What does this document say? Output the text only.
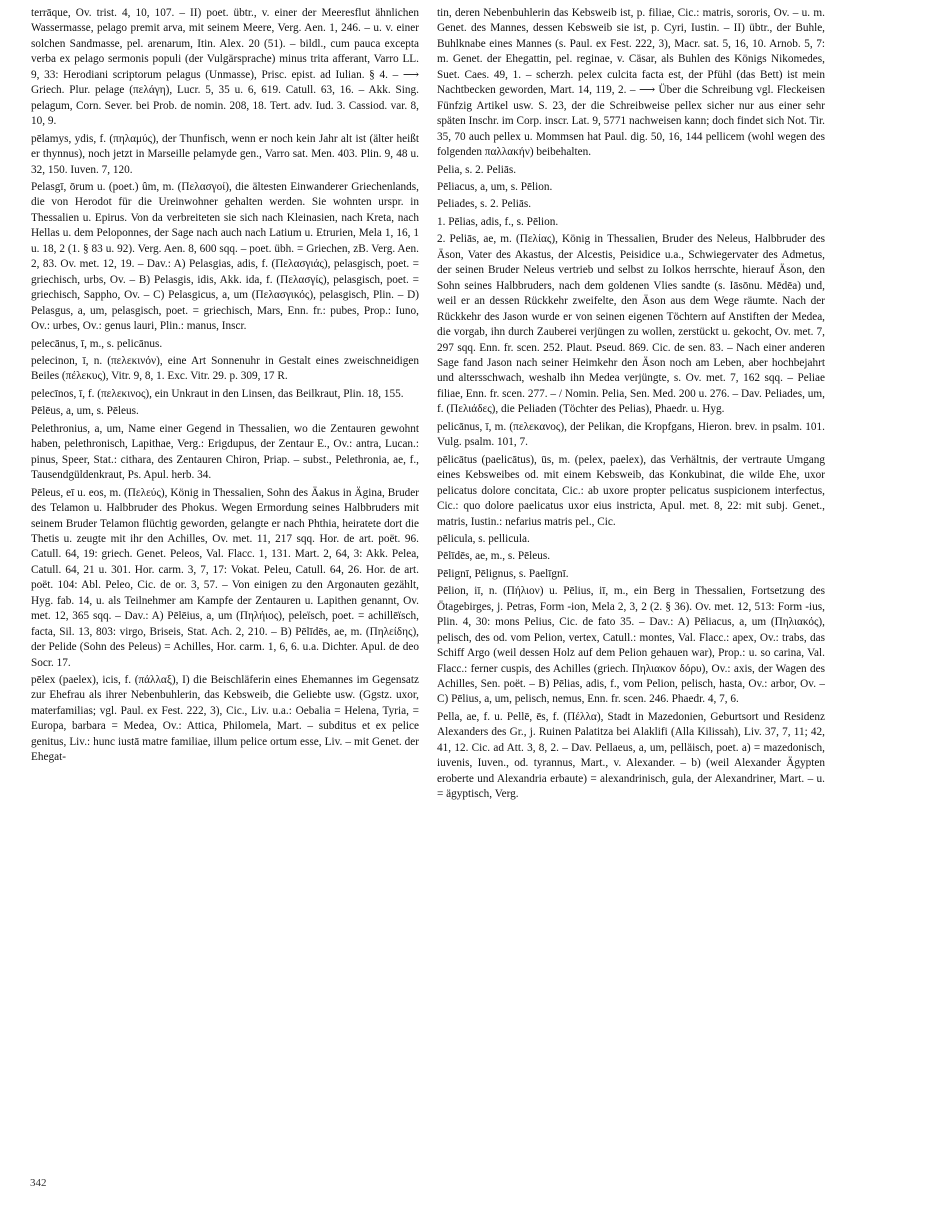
terrāque, Ov. trist. 4, 10, 107. – II) poet. übtr., v. einer der Meeresflut ähnlichen Wassermasse, pelago premit arva, mit seinem Meere, Verg. Aen. 1, 246. – u. v. einer solchen Sandmasse, pel. arenarum, Itin. Alex. 20 (51). – bildl., cum pauca excepta verba ex pelago sermonis populi (der Vulgärsprache) minus trita afferant, Varro LL. 9, 33: Herodiani scriptorum pelagus (Unmasse), Prisc. epist. ad Iulian. § 4. – ⟶ Griech. Plur. pelage (πελάγη), Lucr. 5, 35 u. 6, 619. Catull. 63, 16. – Akk. Sing. pelagum, Corn. Sever. bei Prob. de nomin. 208, 18. Tert. adv. Iud. 3. Cassiod. var. 8, 10, 9.

pēlamys, ydis, f. (πηλαμύς), der Thunfisch, wenn er noch kein Jahr alt ist (älter heißt er thynnus), noch jetzt in Marseille pelamyde gen., Varro sat. Men. 403. Plin. 9, 48 u. 32, 150. Iuven. 7, 120.

Pelasgī, ōrum u. (poet.) ûm, m. (Πελασγοί), die ältesten Einwanderer Griechenlands, die von Herodot für die Ureinwohner gehalten werden. Sie wohnten urspr. in Thessalien u. Epirus. Von da verbreiteten sie sich nach Kleinasien, nach Kreta, nach Hellas u. dem Peloponnes, der Sage nach auch nach Latium u. Etrurien, Mela 1, 16, 1 u. 18, 2 (1. § 83 u. 92). Verg. Aen. 8, 600 sqq. – poet. übh. = Griechen, zB. Verg. Aen. 2, 83. Ov. met. 12, 19. – Dav.: A) Pelasgias, adis, f. (Πελασγιάς), pelasgisch, poet. = griechisch, urbs, Ov. – B) Pelasgis, idis, Akk. ida, f. (Πελασγίς), pelasgisch, poet. = griechisch, Sappho, Ov. – C) Pelasgicus, a, um (Πελασγικός), pelasgisch, Plin. – D) Pelasgus, a, um, pelasgisch, poet. = griechisch, Mars, Enn. fr.: pubes, Prop.: Iuno, Ov.: urbes, Ov.: genus lauri, Plin.: manus, Inscr.

pelecānus, ī, m., s. pelicānus.

pelecinon, ī, n. (πελεκινόν), eine Art Sonnenuhr in Gestalt eines zweischneidigen Beiles (πέλεκυς), Vitr. 9, 8, 1. Exc. Vitr. 29. p. 309, 17 R.

pelecīnos, ī, f. (πελεκινος), ein Unkraut in den Linsen, das Beilkraut, Plin. 18, 155.

Pēlēus, a, um, s. Pēleus.

Pelethronius, a, um, Name einer Gegend in Thessalien, wo die Zentauren gewohnt haben, pelethronisch, Lapithae, Verg.: Erigdupus, der Zentaur E., Ov.: antra, Lucan.: pinus, Speer, Stat.: cithara, des Zentauren Chiron, Priap. – subst., Pelethronia, ae, f., Tausendgüldenkraut, Ps. Apul. herb. 34.

Pēleus, eī u. eos, m. (Πελεύς), König in Thessalien, Sohn des Äakus in Ägina, Bruder des Telamon u. Halbbruder des Phokus. Wegen Ermordung seines Halbbruders mit seinem Bruder Telamon flüchtig geworden, gelangte er nach Phthia, heiratete dort die Thetis u. zeugte mit ihr den Achilles, Ov. met. 11, 217 sqq. Hor. de art. poët. 96. Catull. 64, 19: griech. Genet. Peleos, Val. Flacc. 1, 131. Mart. 2, 64, 3: Akk. Pelea, Catull. 64, 21 u. 301. Hor. carm. 3, 7, 17: Vokat. Peleu, Catull. 64, 26. Hor. de art. poët. 104: Abl. Peleo, Cic. de or. 3, 57. – Von einigen zu den Argonauten gezählt, Hyg. fab. 14, u. als Teilnehmer am Kampfe der Zentauren u. Lapithen genannt, Ov. met. 12, 365 sqq. – Dav.: A) Pēlēius, a, um (Πηλήιος), peleïsch, poet. = achillēïsch, facta, Sil. 13, 803: virgo, Briseis, Stat. Ach. 2, 210. – B) Pēlīdēs, ae, m. (Πηλείδης), der Pelide (Sohn des Peleus) = Achilles, Hor. carm. 1, 6, 6. u.a. Dichter. Apul. de deo Socr. 17.

pēlex (paelex), icis, f. (πάλλαξ), I) die Beischläferin eines Ehemannes im Gegensatz zur Ehefrau als ihrer Nebenbuhlerin, das Kebsweib, die Geliebte usw. (Ggstz. uxor, materfamilias; vgl. Paul. ex Fest. 222, 3), Cic., Liv. u.a.: Oebalia = Helena, Tyria, = Europa, barbara = Medea, Ov.: Attica, Philomela, Mart. – subditus et ex pelice genitus, Liv.: hunc iustā matre familiae, illum pelice ortum esse, Liv. – mit Genet. der Ehegat-

tin, deren Nebenbuhlerin das Kebsweib ist, p. filiae, Cic.: matris, sororis, Ov. – u. m. Genet. des Mannes, dessen Kebsweib sie ist, p. Cyri, Iustin. – II) übtr., der Buhle, Buhlknabe eines Mannes (s. Paul. ex Fest. 222, 3), Macr. sat. 5, 16, 10. Arnob. 5, 7: m. Genet. der Ehegattin, pel. reginae, v. Cäsar, als Buhlen des Königs Nikomedes, Suet. Caes. 49, 1. – scherzh. pelex culcita facta est, der Pfühl (das Bett) ist mein Nachtbecken geworden, Mart. 14, 119, 2. – ⟶ Über die Schreibung vgl. Fleckeisen Fünfzig Artikel usw. S. 23, der die Schreibweise pellex sicher nur aus einer sehr späten Inschr. im Corp. inscr. Lat. 9, 5771 nachweisen kann; doch findet sich Not. Tir. 35, 70 auch pellex u. Mommsen hat Paul. dig. 50, 16, 144 pellicem (wohl wegen des folgenden παλλακήν) beibehalten.

Pelia, s. 2. Peliās.

Pēliacus, a, um, s. Pēlion.

Peliades, s. 2. Peliās.

1. Pēlias, adis, f., s. Pēlion.

2. Peliās, ae, m. (Πελίας), König in Thessalien, Bruder des Neleus, Halbbruder des Äson, Vater des Akastus, der Alcestis, Peisidice u.a., Schwiegervater des Admetus, der seinen Bruder Neleus vertrieb und selbst zu Iolkos herrschte, hierauf Äson, den Sohn seines Halbbruders, nach dem goldenen Vlies sandte (s. Iāsōnu. Mēdēa) und, weil er an dessen Rückkehr zweifelte, den Äson aus dem Wege räumte. Nach der Rückkehr des Jason wurde er von seinen eigenen Töchtern auf Anstiften der Medea, die vorgab, ihn durch Zauberei verjüngen zu wollen, zerstückt u. gekocht, Ov. met. 7, 297 sqq. Enn. fr. scen. 252. Plaut. Pseud. 869. Cic. de sen. 83. – Nach einer anderen Sage fand Jason nach seiner Heimkehr den Äson noch am Leben, aber hochbejahrt und altersschwach, weshalb ihn Medea verjüngte, s. Ov. met. 7, 162 sqq. – Peliae filiae, Enn. fr. scen. 277. – / Nomin. Pelia, Sen. Med. 200 u. 276. – Dav. Peliades, um, f. (Πελιάδες), die Peliaden (Töchter des Pelias), Phaedr. u. Hyg.

pelicānus, ī, m. (πελεκανος), der Pelikan, die Kropfgans, Hieron. brev. in psalm. 101. Vulg. psalm. 101, 7.

pēlicātus (paelicātus), ūs, m. (pelex, paelex), das Verhältnis, der vertraute Umgang eines Kebsweibes od. mit einem Kebsweib, das Konkubinat, die wilde Ehe, uxor pelicatus dolore concitata, Cic.: ab uxore propter pelicatus suspicionem interfectus, Cic.: quo dolore paelicatus uxor eius instricta, Apul. met. 8, 22: mit subj. Genet., matris, Iustin.: nefarius matris pel., Cic.

pēlicula, s. pellicula.

Pēlīdēs, ae, m., s. Pēleus.

Pēlignī, Pēlignus, s. Paelīgnī.

Pēlion, iī, n. (Πήλιον) u. Pēlius, iī, m., ein Berg in Thessalien, Fortsetzung des Ötagebirges, j. Petras, Form -ion, Mela 2, 3, 2 (2. § 36). Ov. met. 12, 513: Form -ius, Plin. 4, 30: mons Pelius, Cic. de fato 35. – Dav.: A) Pēliacus, a, um (Πηλιακός), pelisch, des od. vom Pelion, vertex, Catull.: montes, Val. Flacc.: apex, Ov.: trabs, das Schiff Argo (weil dessen Holz auf dem Pelion gehauen war), Prop.: u. so carina, Val. Flacc.: ferner cuspis, des Achilles (griech. Πηλιακον δόρυ), Ov.: axis, der Wagen des Achilles, Sen. poët. – B) Pēlias, adis, f., vom Pelion, pelisch, hasta, Ov.: arbor, Ov. – C) Pēlius, a, um, pelisch, nemus, Enn. fr. scen. 246. Phaedr. 4, 7, 6.

Pella, ae, f. u. Pellē, ēs, f. (Πέλλα), Stadt in Mazedonien, Geburtsort und Residenz Alexanders des Gr., j. Ruinen Palatitza bei Alaklifi (Alla Kilissah), Liv. 37, 7, 11; 42, 41, 12. Cic. ad Att. 3, 8, 2. – Dav. Pellaeus, a, um, pelläisch, poet. a) = mazedonisch, iuvenis, Iuven., od. tyrannus, Mart., v. Alexander. – b) (weil Alexander Ägypten eroberte und Alexandria erbaute) = alexandrinisch, gula, der Alexandriner, Mart. – u. = ägyptisch, Verg.

342
